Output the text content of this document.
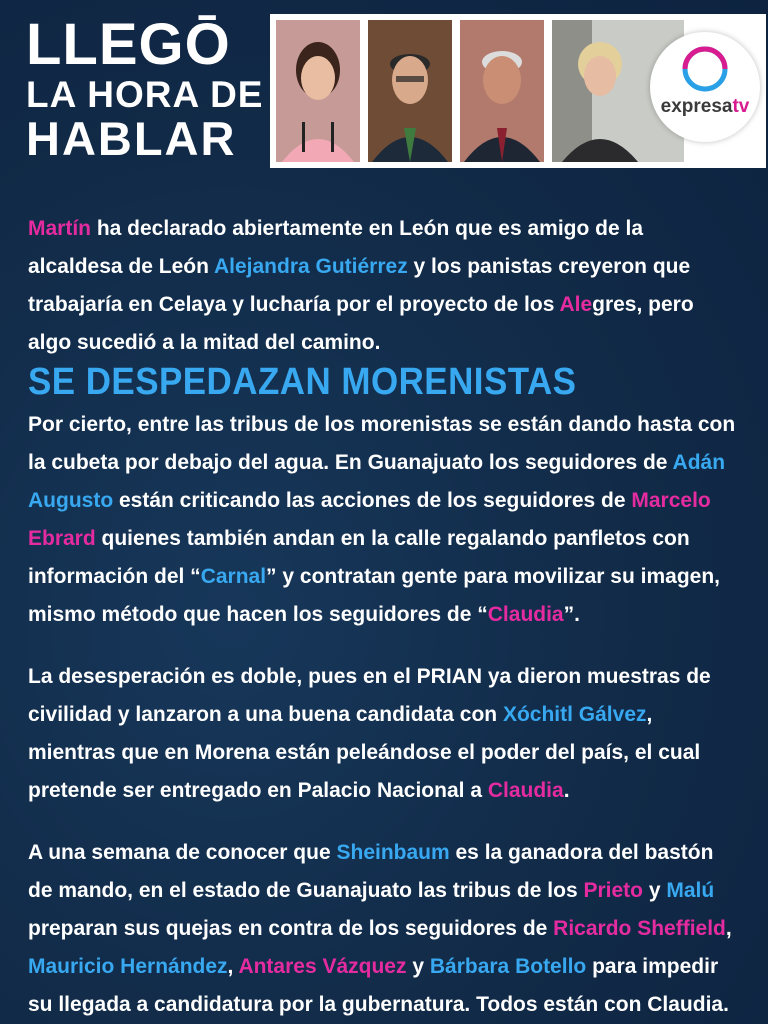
LLEGŌ
LA HORA DE
HABLAR
expresatv

Martín ha declarado abiertamente en León que es amigo de la alcaldesa de León Alejandra Gutiérrez y los panistas creyeron que trabajaría en Celaya y lucharía por el proyecto de los Alegres, pero algo sucedió a la mitad del camino.

SE DESPEDAZAN MORENISTAS

Por cierto, entre las tribus de los morenistas se están dando hasta con la cubeta por debajo del agua. En Guanajuato los seguidores de Adán Augusto están criticando las acciones de los seguidores de Marcelo Ebrard quienes también andan en la calle regalando panfletos con información del “Carnal” y contratan gente para movilizar su imagen, mismo método que hacen los seguidores de “Claudia”.

La desesperación es doble, pues en el PRIAN ya dieron muestras de civilidad y lanzaron a una buena candidata con Xóchitl Gálvez, mientras que en Morena están peleándose el poder del país, el cual pretende ser entregado en Palacio Nacional a Claudia.

A una semana de conocer que Sheinbaum es la ganadora del bastón de mando, en el estado de Guanajuato las tribus de los Prieto y Malú preparan sus quejas en contra de los seguidores de Ricardo Sheffield, Mauricio Hernández, Antares Vázquez y Bárbara Botello para impedir su llegada a candidatura por la gubernatura. Todos están con Claudia.
